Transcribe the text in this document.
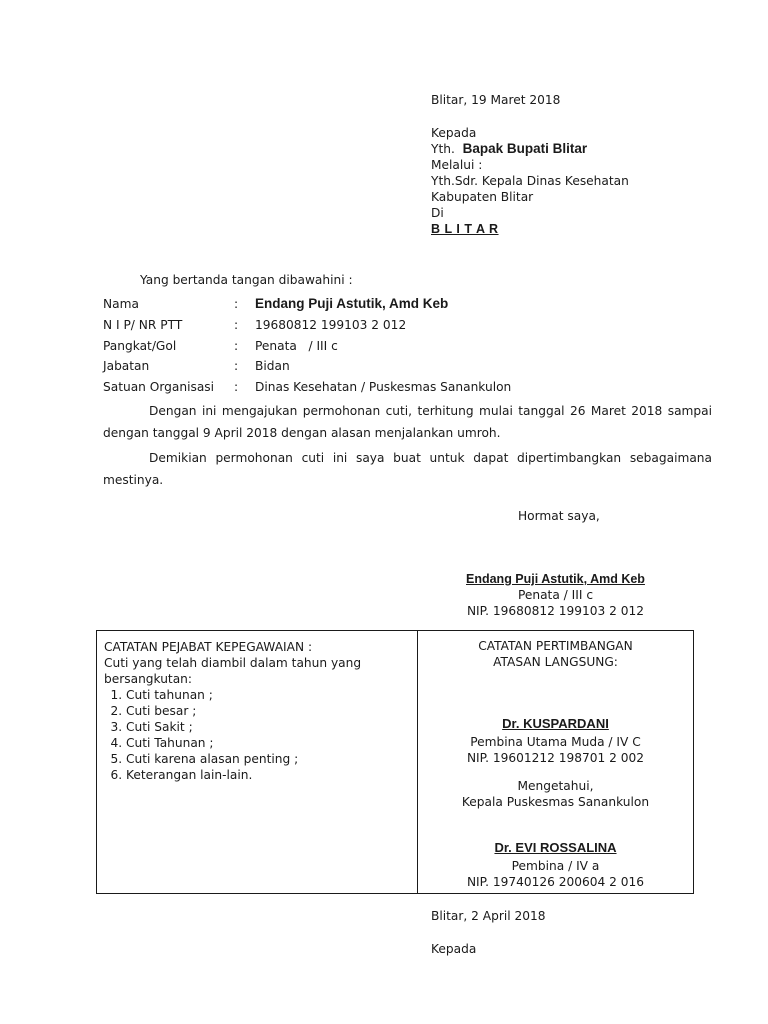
Blitar, 19 Maret 2018
Kepada
Yth. Bapak Bupati Blitar
Melalui :
Yth.Sdr. Kepala Dinas Kesehatan
Kabupaten Blitar
Di
B L I T A R
Yang bertanda tangan dibawahini :
Nama	: Endang Puji Astutik, Amd Keb
N I P/ NR PTT	: 19680812 199103 2 012
Pangkat/Gol	: Penata   / III c
Jabatan	: Bidan
Satuan Organisasi : Dinas Kesehatan / Puskesmas Sanankulon
Dengan ini mengajukan permohonan cuti, terhitung mulai tanggal 26 Maret 2018 sampai dengan tanggal 9 April 2018 dengan alasan menjalankan umroh.
Demikian permohonan cuti ini saya buat untuk dapat dipertimbangkan sebagaimana mestinya.
Hormat saya,
Endang Puji Astutik, Amd Keb
Penata / III c
NIP. 19680812 199103 2 012
CATATAN PEJABAT KEPEGAWAIAN :
Cuti yang telah diambil dalam tahun yang
bersangkutan:
1. Cuti tahunan ;
2. Cuti besar ;
3. Cuti Sakit ;
4. Cuti Tahunan ;
5. Cuti karena alasan penting ;
6. Keterangan lain-lain.
CATATAN PERTIMBANGAN
ATASAN LANGSUNG:
Dr. KUSPARDANI
Pembina Utama Muda / IV C
NIP. 19601212 198701 2 002
Mengetahui,
Kepala Puskesmas Sanankulon
Dr. EVI ROSSALINA
Pembina / IV a
NIP. 19740126 200604 2 016
Blitar, 2 April 2018
Kepada
